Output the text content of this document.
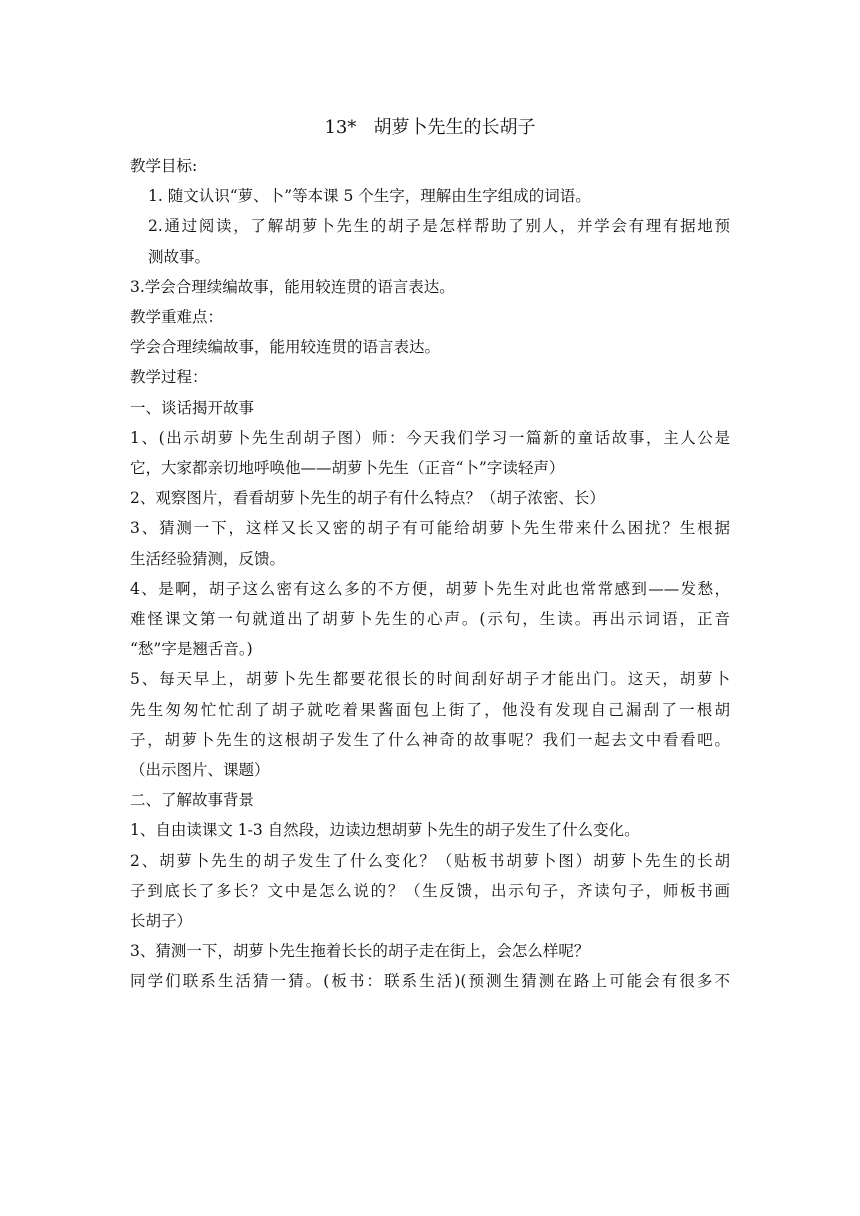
13*   胡萝卜先生的长胡子
教学目标:
1. 随文认识“萝、卜”等本课 5 个生字，理解由生字组成的词语。
2.通过阅读，了解胡萝卜先生的胡子是怎样帮助了别人，并学会有理有据地预
测故事。
3.学会合理续编故事，能用较连贯的语言表达。
教学重难点：
学会合理续编故事，能用较连贯的语言表达。
教学过程：
一、谈话揭开故事
1、(出示胡萝卜先生刮胡子图）师：今天我们学习一篇新的童话故事，主人公是
它，大家都亲切地呼唤他——胡萝卜先生（正音“卜”字读轻声）
2、观察图片，看看胡萝卜先生的胡子有什么特点？（胡子浓密、长）
3、猜测一下，这样又长又密的胡子有可能给胡萝卜先生带来什么困扰？生根据
生活经验猜测，反馈。
4、是啊，胡子这么密有这么多的不方便，胡萝卜先生对此也常常感到——发愁，
难怪课文第一句就道出了胡萝卜先生的心声。(示句，生读。再出示词语，正音
“愁”字是翘舌音。)
5、每天早上，胡萝卜先生都要花很长的时间刮好胡子才能出门。这天，胡萝卜
先生匆匆忙忙刮了胡子就吃着果酱面包上街了，他没有发现自己漏刮了一根胡
子，胡萝卜先生的这根胡子发生了什么神奇的故事呢？我们一起去文中看看吧。
（出示图片、课题）
二、了解故事背景
1、自由读课文 1-3 自然段，边读边想胡萝卜先生的胡子发生了什么变化。
2、胡萝卜先生的胡子发生了什么变化？（贴板书胡萝卜图）胡萝卜先生的长胡
子到底长了多长？文中是怎么说的？（生反馈，出示句子，齐读句子，师板书画
长胡子）
3、猜测一下，胡萝卜先生拖着长长的胡子走在街上，会怎么样呢？
同学们联系生活猜一猜。(板书：联系生活)(预测生猜测在路上可能会有很多不
